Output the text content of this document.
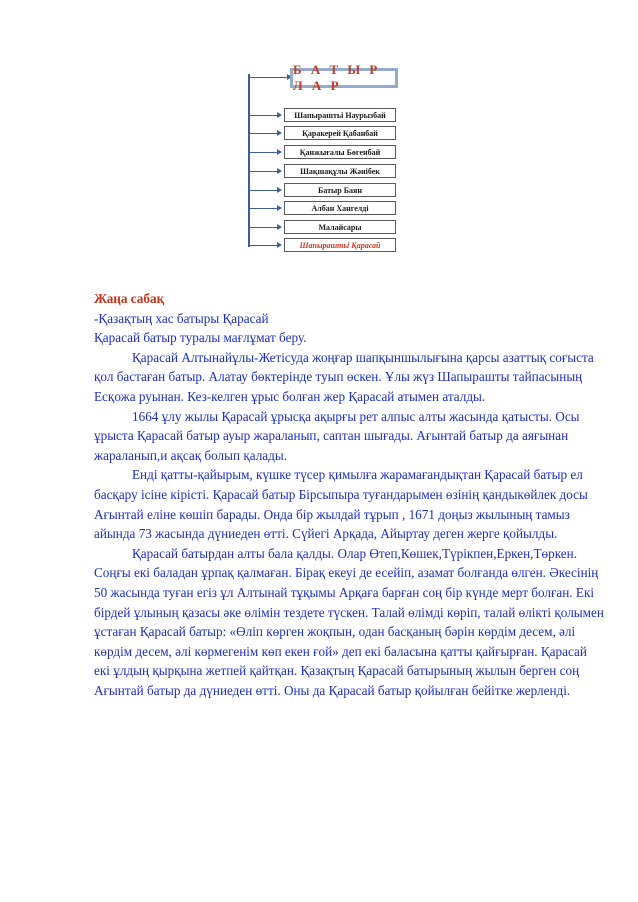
Б А Т Ы Р Л А Р
Шапыраштьі Наурызбай
Қаракерей Қабанбай
Қанжығалы Бөгенбай
Шақшақұлы Жәнібек
Батыр Баян
Албан Хангелді
Малайсары
Шапыраштьі Қарасай

Жаңа сабақ

-Қазақтың хас батыры Қарасай

Қарасай батыр туралы мағлұмат беру.

Қарасай Алтынайұлы-Жетісуда жоңғар шапқыншылығына қарсы азаттық соғыста қол бастаған батыр. Алатау бөктерінде туып өскен. Ұлы жүз Шапырашты тайпасының Есқожа руынан. Кез-келген ұрыс болған жер Қарасай атымен аталды.

1664 ұлу жылы Қарасай ұрысқа ақырғы рет алпыс алты жасында қатысты. Осы ұрыста Қарасай батыр ауыр жараланып, саптан шығады. Ағынтай батыр да аяғынан жараланып,и ақсақ болып қалады.

Енді қатты-қайырым, күшке түсер қимылға жарамағандықтан Қарасай батыр ел басқару ісіне кірісті. Қарасай батыр Бірсыпыра туғандарымен өзінің қандыкөйлек досы Ағынтай еліне көшіп барады. Онда бір жылдай тұрып , 1671 доңыз жылының тамыз айында 73 жасында дүниеден өтті. Сүйегі Арқада, Айыртау деген жерге қойылды.

Қарасай батырдан алты бала қалды. Олар Өтеп,Көшек,Түрікпен,Еркен,Төркен. Соңғы екі баладан ұрпақ қалмаған. Бірақ екеуі де есейіп, азамат болғанда өлген. Әкесінің 50 жасында туған егіз ұл Алтынай тұқымы Арқаға барған соң бір күнде мерт болған. Екі бірдей ұлының қазасы әке өлімін тездете түскен. Талай өлімді көріп, талай өлікті қолымен ұстаған Қарасай батыр: «Өліп көрген жоқпын, одан басқаның бәрін көрдім десем, әлі көрдім десем, әлі көрмегенім көп екен ғой» деп екі баласына қатты қайғырған. Қарасай екі ұлдың қырқына жетпей қайтқан. Қазақтың Қарасай батырының жылын берген соң Ағынтай батыр да дүниеден өтті. Оны да Қарасай батыр қойылған бейітке жерленді.
